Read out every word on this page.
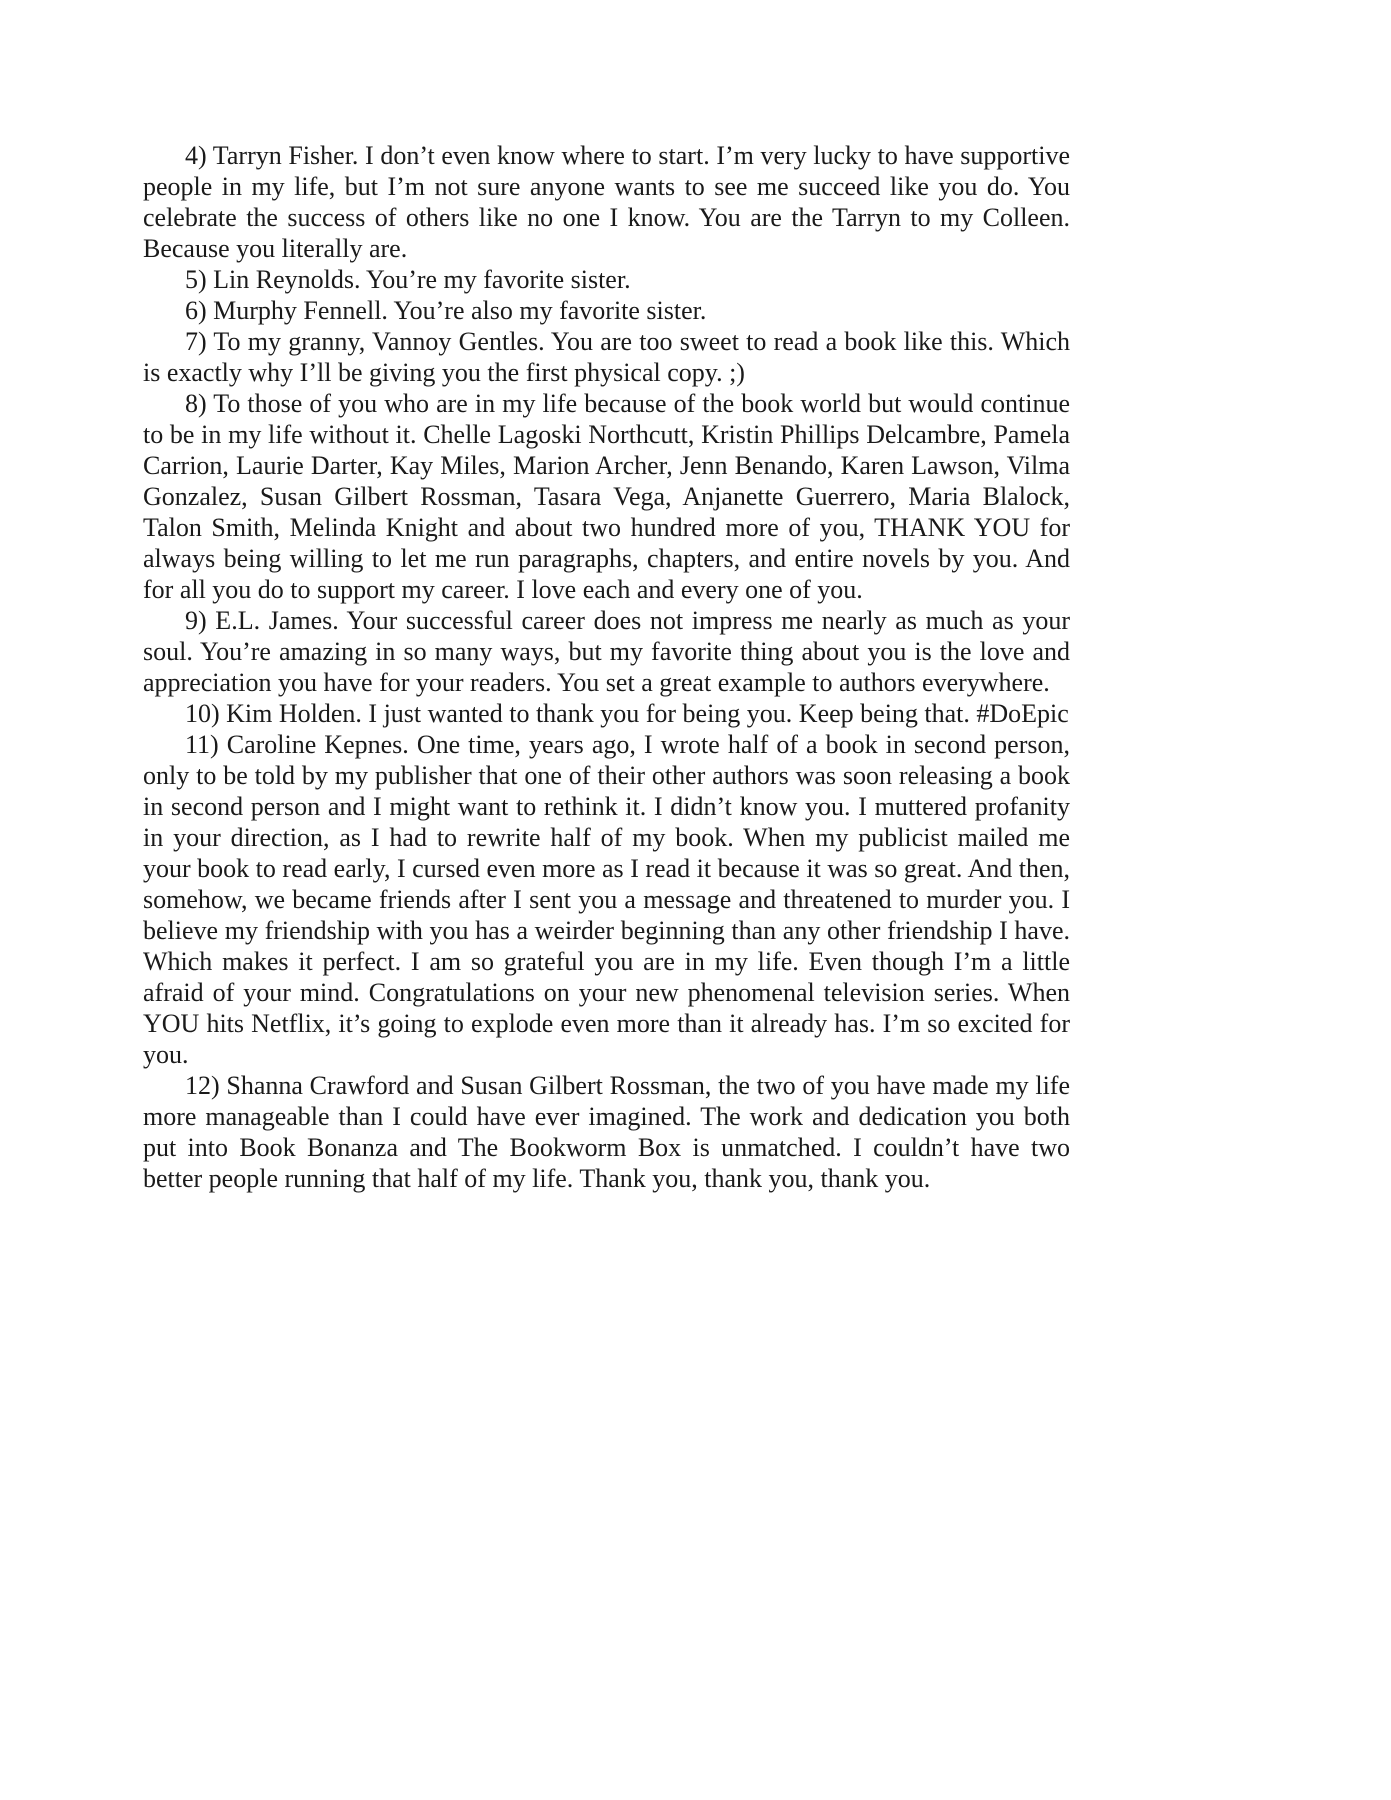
4) Tarryn Fisher. I don’t even know where to start. I’m very lucky to have supportive people in my life, but I’m not sure anyone wants to see me succeed like you do. You celebrate the success of others like no one I know. You are the Tarryn to my Colleen. Because you literally are.

5) Lin Reynolds. You’re my favorite sister.

6) Murphy Fennell. You’re also my favorite sister.

7) To my granny, Vannoy Gentles. You are too sweet to read a book like this. Which is exactly why I’ll be giving you the first physical copy. ;)

8) To those of you who are in my life because of the book world but would continue to be in my life without it. Chelle Lagoski Northcutt, Kristin Phillips Delcambre, Pamela Carrion, Laurie Darter, Kay Miles, Marion Archer, Jenn Benando, Karen Lawson, Vilma Gonzalez, Susan Gilbert Rossman, Tasara Vega, Anjanette Guerrero, Maria Blalock, Talon Smith, Melinda Knight and about two hundred more of you, THANK YOU for always being willing to let me run paragraphs, chapters, and entire novels by you. And for all you do to support my career. I love each and every one of you.

9) E.L. James. Your successful career does not impress me nearly as much as your soul. You’re amazing in so many ways, but my favorite thing about you is the love and appreciation you have for your readers. You set a great example to authors everywhere.

10) Kim Holden. I just wanted to thank you for being you. Keep being that. #DoEpic

11) Caroline Kepnes. One time, years ago, I wrote half of a book in second person, only to be told by my publisher that one of their other authors was soon releasing a book in second person and I might want to rethink it. I didn’t know you. I muttered profanity in your direction, as I had to rewrite half of my book. When my publicist mailed me your book to read early, I cursed even more as I read it because it was so great. And then, somehow, we became friends after I sent you a message and threatened to murder you. I believe my friendship with you has a weirder beginning than any other friendship I have. Which makes it perfect. I am so grateful you are in my life. Even though I’m a little afraid of your mind. Congratulations on your new phenomenal television series. When YOU hits Netflix, it’s going to explode even more than it already has. I’m so excited for you.

12) Shanna Crawford and Susan Gilbert Rossman, the two of you have made my life more manageable than I could have ever imagined. The work and dedication you both put into Book Bonanza and The Bookworm Box is unmatched. I couldn’t have two better people running that half of my life. Thank you, thank you, thank you.
